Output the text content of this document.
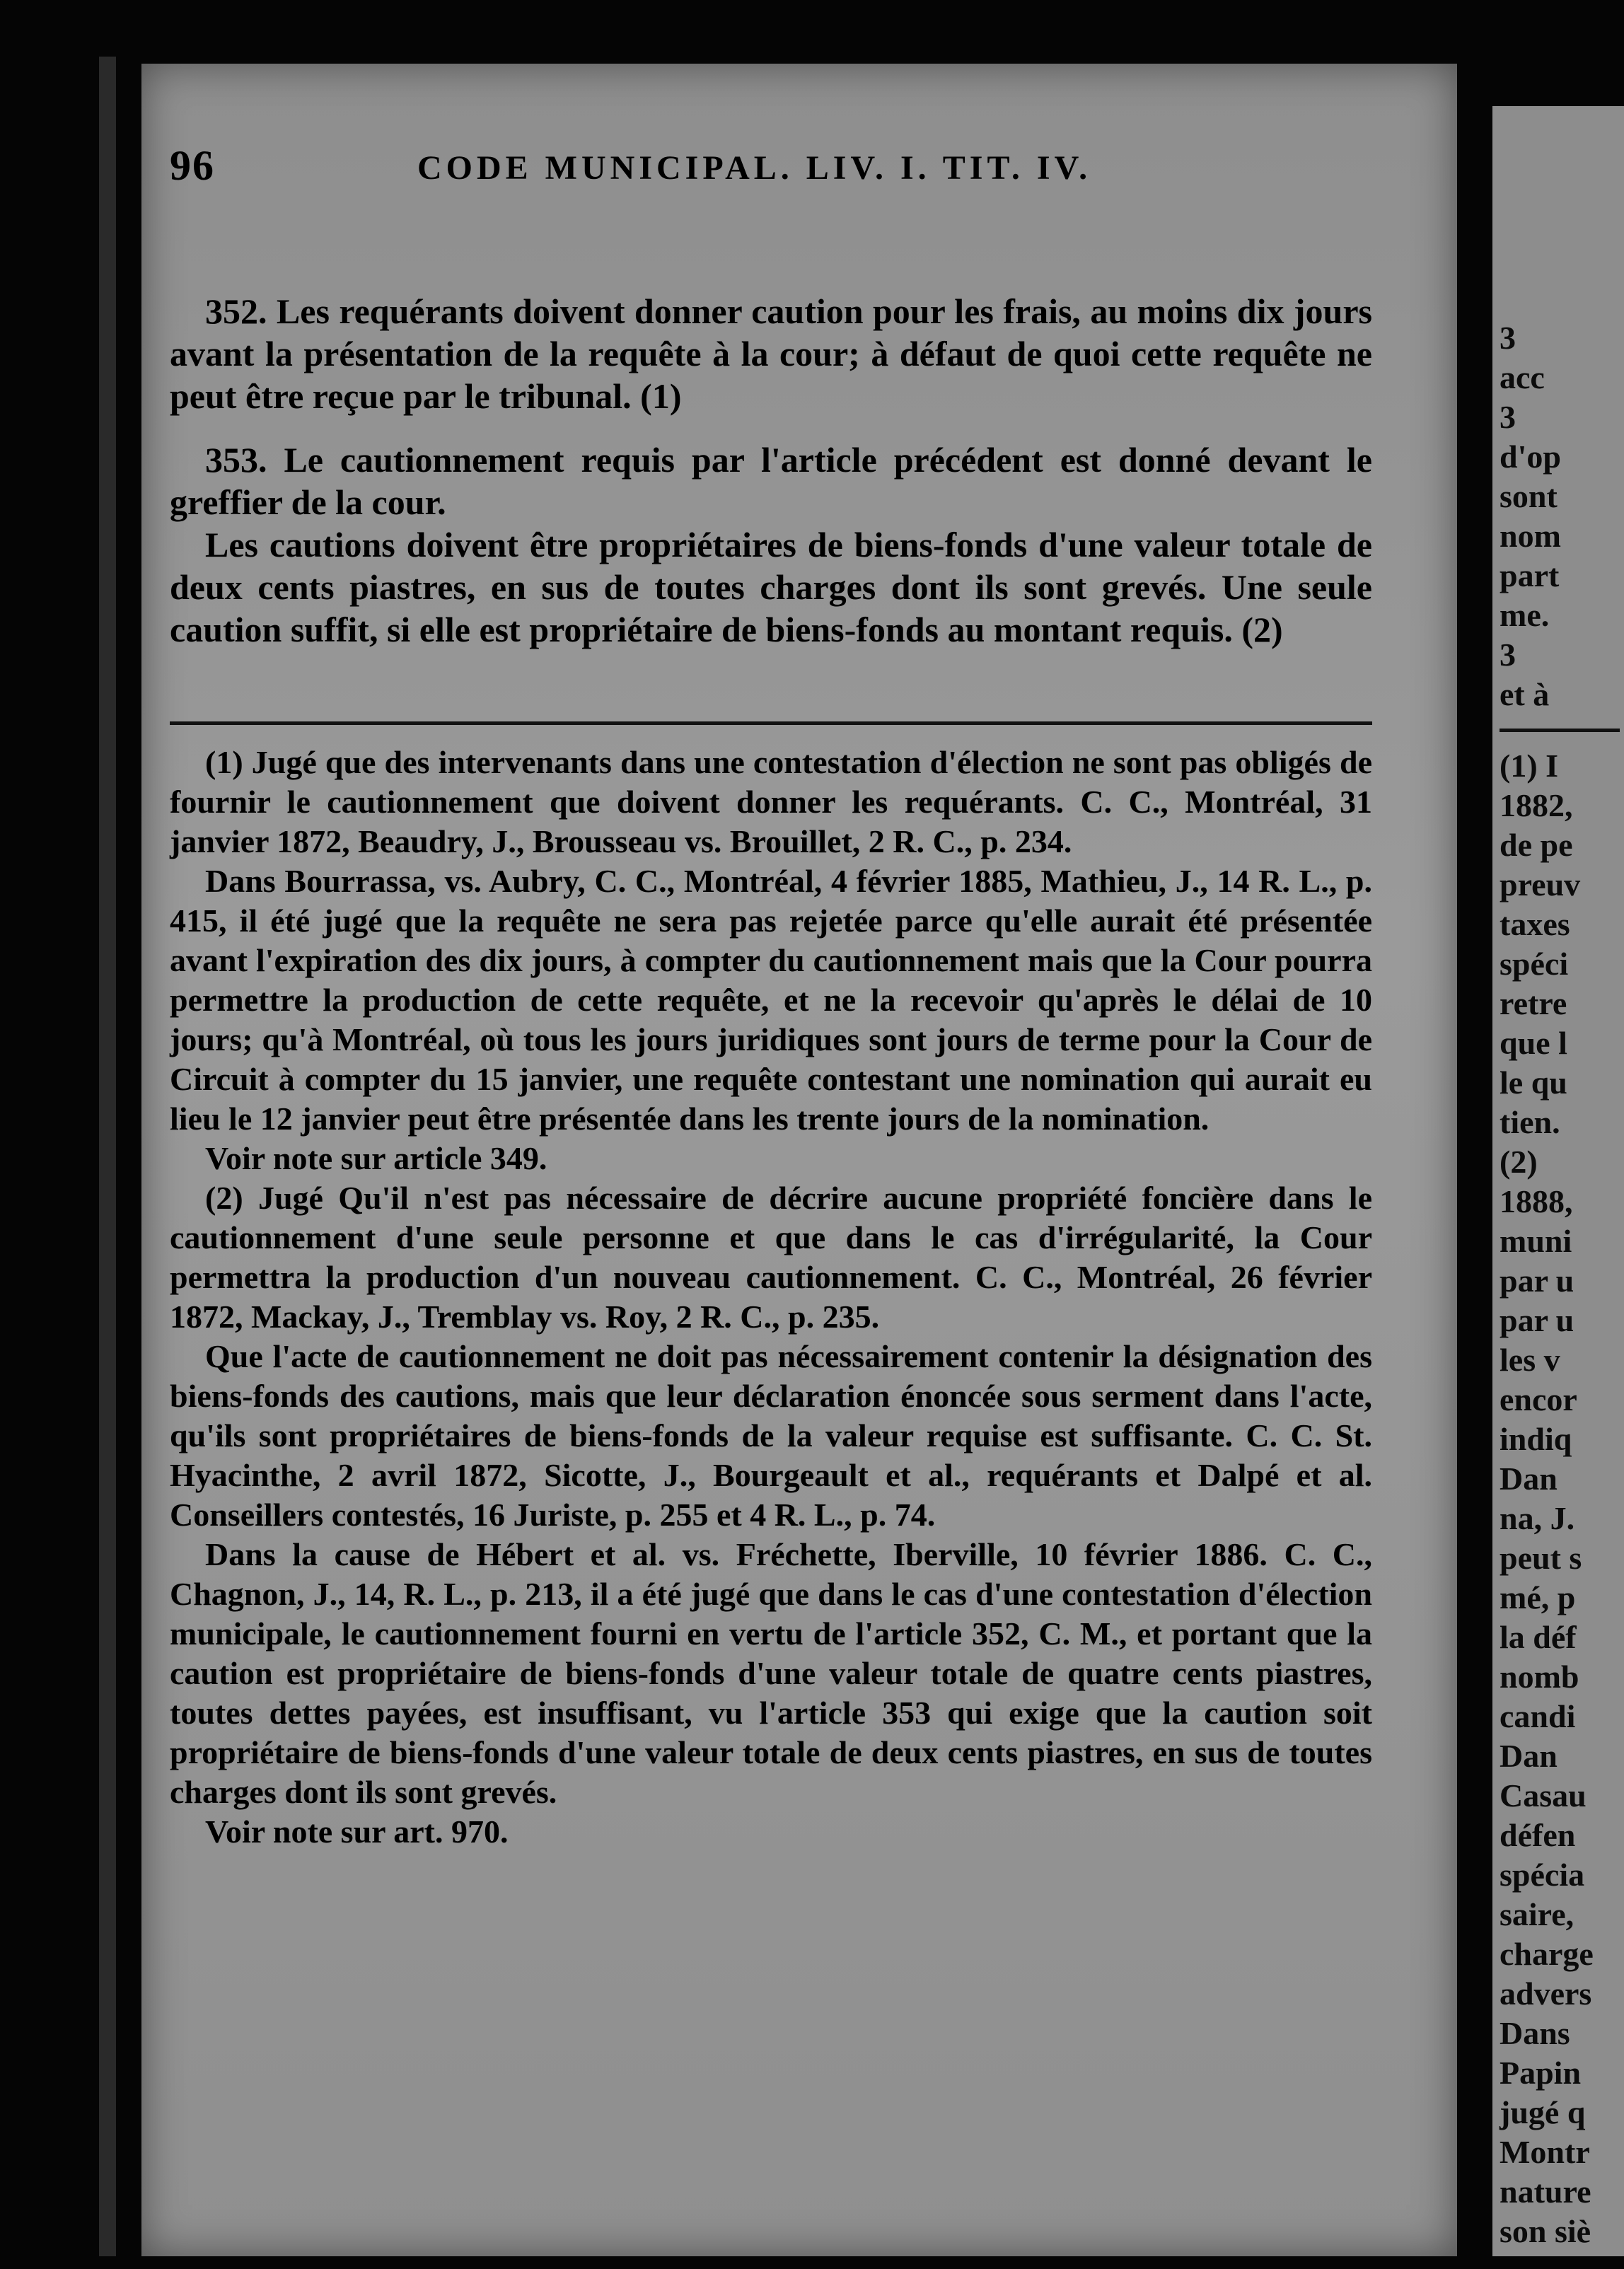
96	CODE MUNICIPAL. LIV. I. TIT. IV.

352. Les requérants doivent donner caution pour les frais, au moins dix jours avant la présentation de la requête à la cour; à défaut de quoi cette requête ne peut être reçue par le tribunal. (1)

353. Le cautionnement requis par l'article précédent est donné devant le greffier de la cour.

Les cautions doivent être propriétaires de biens-fonds d'une valeur totale de deux cents piastres, en sus de toutes charges dont ils sont grevés. Une seule caution suffit, si elle est propriétaire de biens-fonds au montant requis. (2)

(1) Jugé que des intervenants dans une contestation d'élection ne sont pas obligés de fournir le cautionnement que doivent donner les requérants. C. C., Montréal, 31 janvier 1872, Beaudry, J., Brousseau vs. Brouillet, 2 R. C., p. 234.

Dans Bourrassa, vs. Aubry, C. C., Montréal, 4 février 1885, Mathieu, J., 14 R. L., p. 415, il été jugé que la requête ne sera pas rejetée parce qu'elle aurait été présentée avant l'expiration des dix jours, à compter du cautionnement mais que la Cour pourra permettre la production de cette requête, et ne la recevoir qu'après le délai de 10 jours; qu'à Montréal, où tous les jours juridiques sont jours de terme pour la Cour de Circuit à compter du 15 janvier, une requête contestant une nomination qui aurait eu lieu le 12 janvier peut être présentée dans les trente jours de la nomination.

Voir note sur article 349.

(2) Jugé Qu'il n'est pas nécessaire de décrire aucune propriété foncière dans le cautionnement d'une seule personne et que dans le cas d'irrégularité, la Cour permettra la production d'un nouveau cautionnement. C. C., Montréal, 26 février 1872, Mackay, J., Tremblay vs. Roy, 2 R. C., p. 235.

Que l'acte de cautionnement ne doit pas nécessairement contenir la désignation des biens-fonds des cautions, mais que leur déclaration énoncée sous serment dans l'acte, qu'ils sont propriétaires de biens-fonds de la valeur requise est suffisante. C. C. St. Hyacinthe, 2 avril 1872, Sicotte, J., Bourgeault et al., requérants et Dalpé et al. Conseillers contestés, 16 Juriste, p. 255 et 4 R. L., p. 74.

Dans la cause de Hébert et al. vs. Fréchette, Iberville, 10 février 1886. C. C., Chagnon, J., 14, R. L., p. 213, il a été jugé que dans le cas d'une contestation d'élection municipale, le cautionnement fourni en vertu de l'article 352, C. M., et portant que la caution est propriétaire de biens-fonds d'une valeur totale de quatre cents piastres, toutes dettes payées, est insuffisant, vu l'article 353 qui exige que la caution soit propriétaire de biens-fonds d'une valeur totale de deux cents piastres, en sus de toutes charges dont ils sont grevés.

Voir note sur art. 970.

3
acc
3
d'op
sont
nom
part
me.
3
et à
(1) I
1882,
de pe
preuv
taxes
spéci
retre
que l
le qu
tien.
(2)
1888,
muni
par u
par u
les v
encor
indiq
Dan
na, J.
peut s
mé, p
la déf
nomb
candi
Dan
Casau
défen
spécia
saire,
charge
advers
Dans
Papin
jugé q
Montr
nature
son siè
